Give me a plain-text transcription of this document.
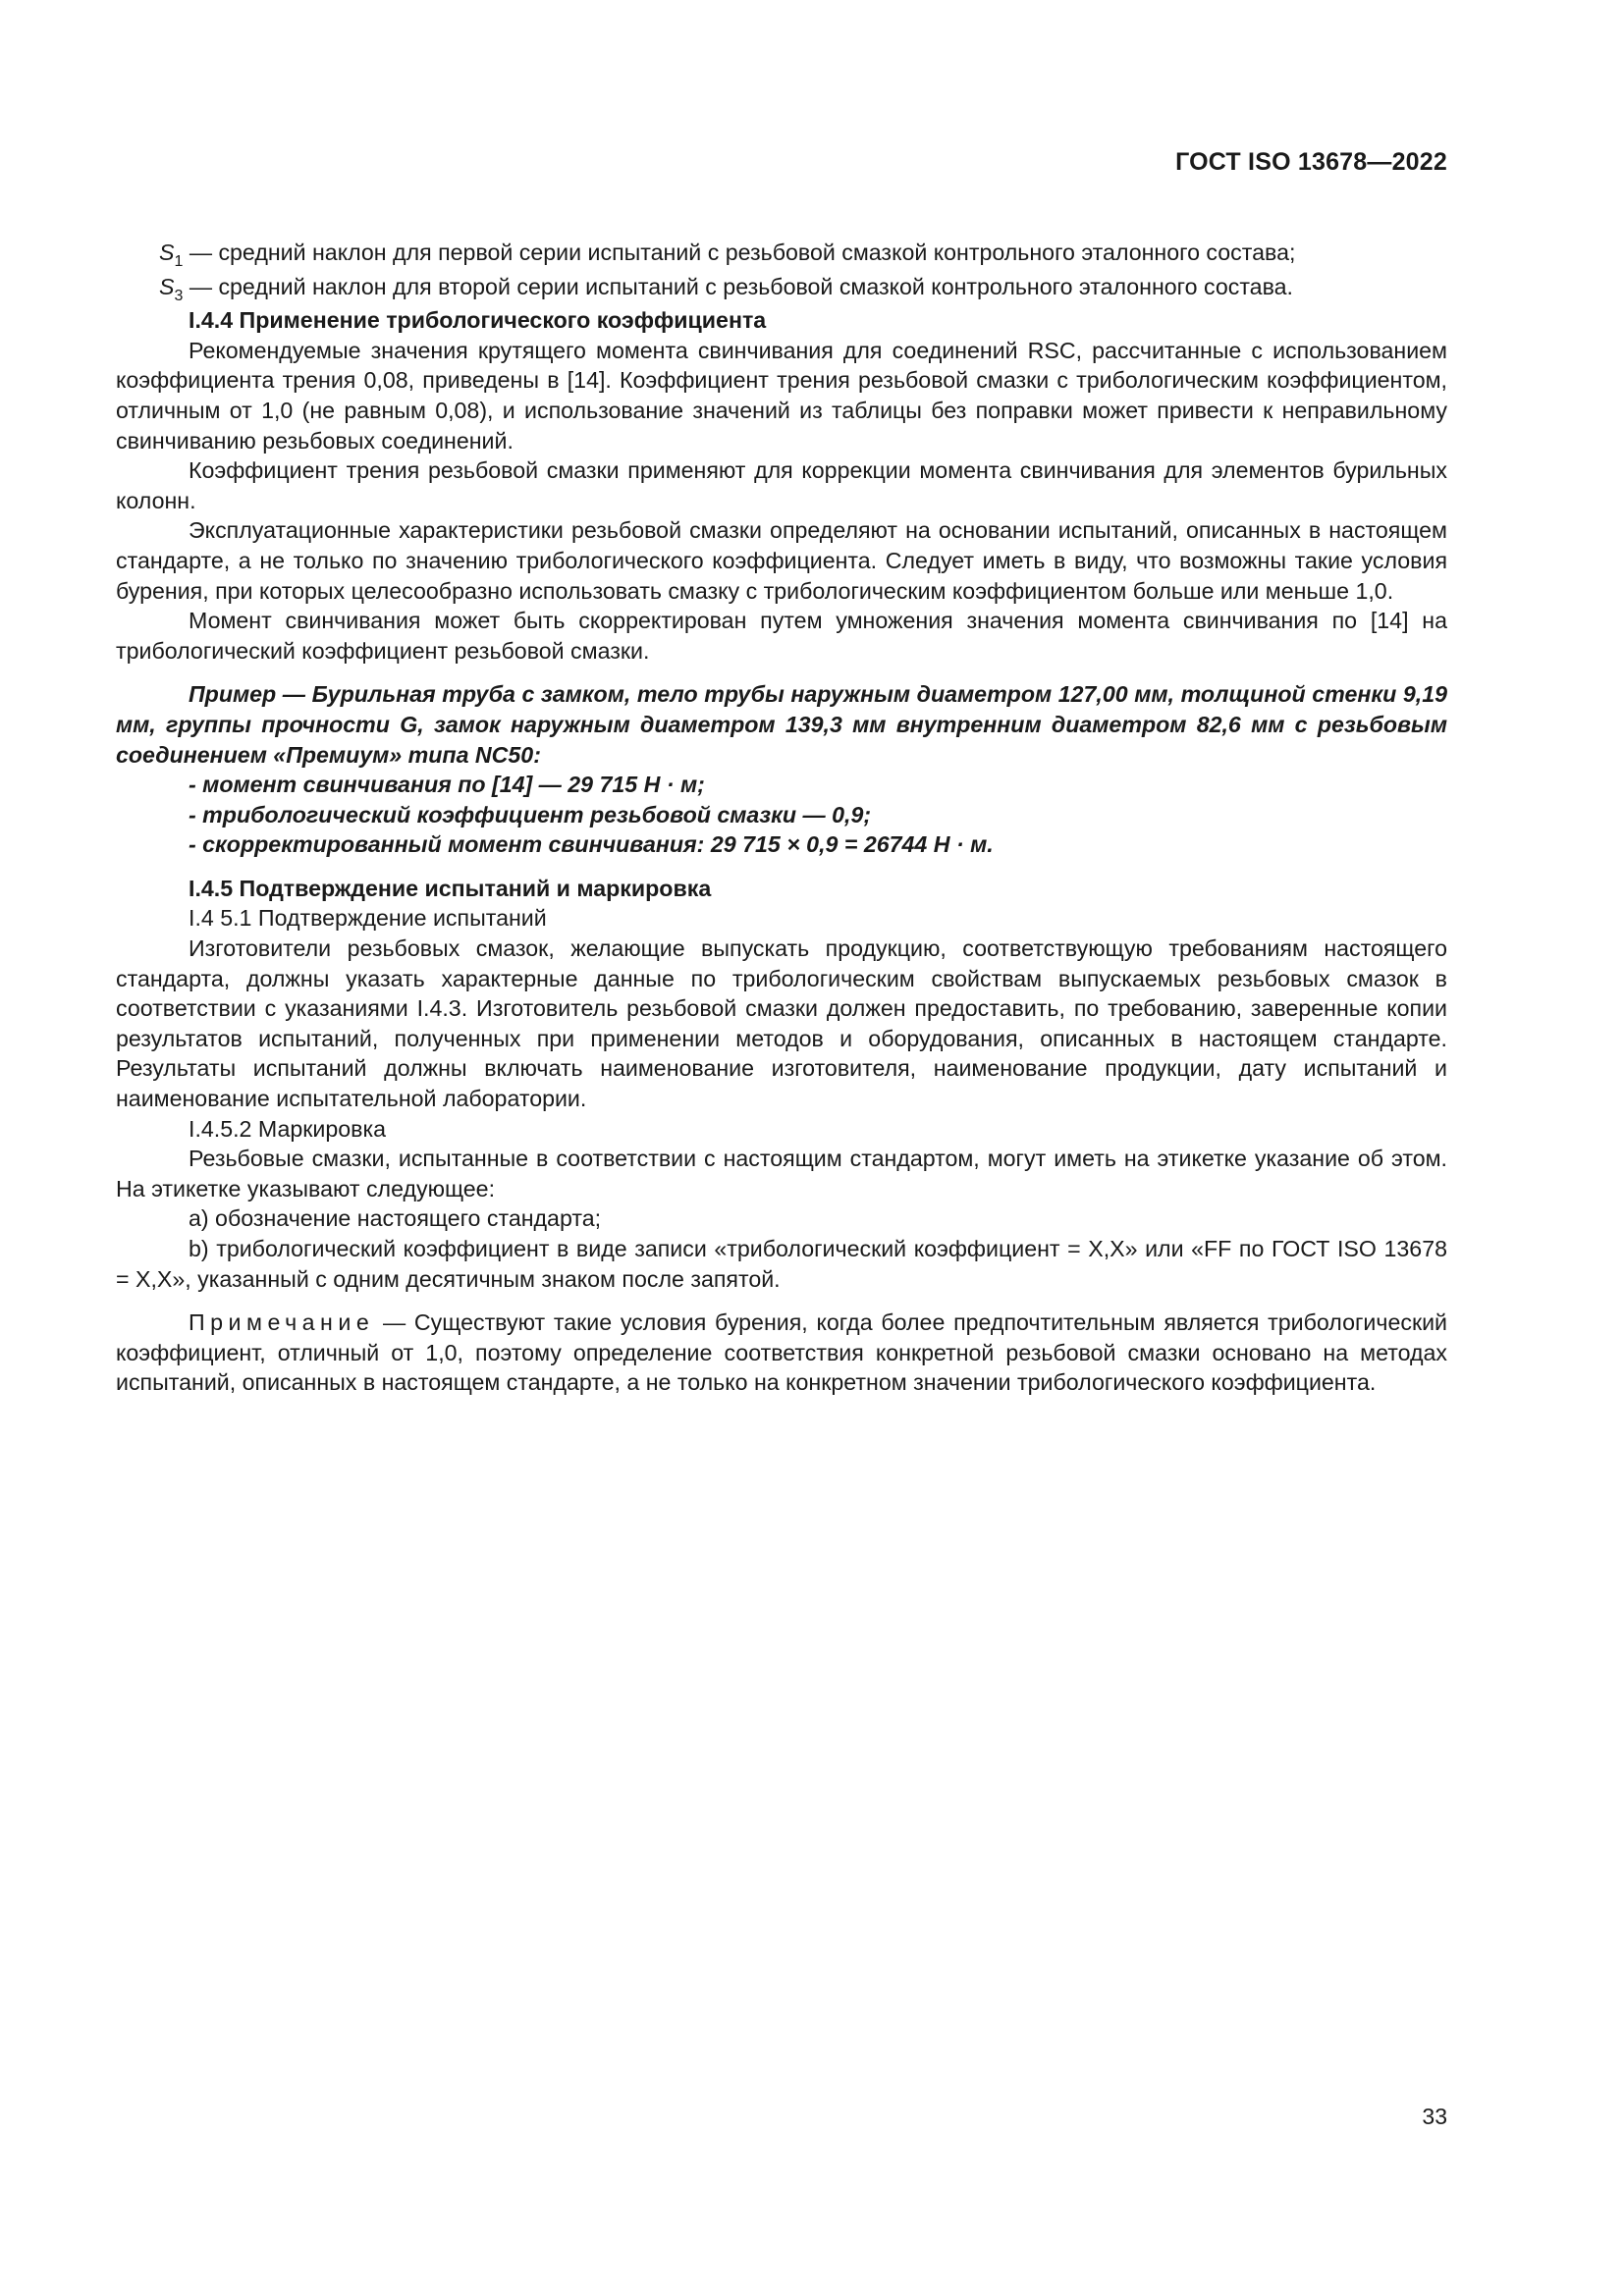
ГОСТ ISO 13678—2022

$S_1$ — средний наклон для первой серии испытаний с резьбовой смазкой контрольного эталонного состава;

$S_3$ — средний наклон для второй серии испытаний с резьбовой смазкой контрольного эталонного состава.

I.4.4 Применение трибологического коэффициента

Рекомендуемые значения крутящего момента свинчивания для соединений RSC, рассчитанные с использованием коэффициента трения 0,08, приведены в [14]. Коэффициент трения резьбовой смазки с трибологическим коэффициентом, отличным от 1,0 (не равным 0,08), и использование значений из таблицы без поправки может привести к неправильному свинчиванию резьбовых соединений.

Коэффициент трения резьбовой смазки применяют для коррекции момента свинчивания для элементов бурильных колонн.

Эксплуатационные характеристики резьбовой смазки определяют на основании испытаний, описанных в настоящем стандарте, а не только по значению трибологического коэффициента. Следует иметь в виду, что возможны такие условия бурения, при которых целесообразно использовать смазку с трибологическим коэффициентом больше или меньше 1,0.

Момент свинчивания может быть скорректирован путем умножения значения момента свинчивания по [14] на трибологический коэффициент резьбовой смазки.

Пример — Бурильная труба с замком, тело трубы наружным диаметром 127,00 мм, толщиной стенки 9,19 мм, группы прочности G, замок наружным диаметром 139,3 мм внутренним диаметром 82,6 мм с резьбовым соединением «Премиум» типа NC50:

- момент свинчивания по [14] — 29 715 Н · м;

- трибологический коэффициент резьбовой смазки — 0,9;

- скорректированный момент свинчивания: 29 715 × 0,9 = 26744 Н · м.

I.4.5 Подтверждение испытаний и маркировка

I.4 5.1 Подтверждение испытаний

Изготовители резьбовых смазок, желающие выпускать продукцию, соответствующую требованиям настоящего стандарта, должны указать характерные данные по трибологическим свойствам выпускаемых резьбовых смазок в соответствии с указаниями I.4.3. Изготовитель резьбовой смазки должен предоставить, по требованию, заверенные копии результатов испытаний, полученных при применении методов и оборудования, описанных в настоящем стандарте. Результаты испытаний должны включать наименование изготовителя, наименование продукции, дату испытаний и наименование испытательной лаборатории.

I.4.5.2 Маркировка

Резьбовые смазки, испытанные в соответствии с настоящим стандартом, могут иметь на этикетке указание об этом. На этикетке указывают следующее:

a) обозначение настоящего стандарта;

b) трибологический коэффициент в виде записи «трибологический коэффициент = X,X» или «FF по ГОСТ ISO 13678 = X,X», указанный с одним десятичным знаком после запятой.

Примечание — Существуют такие условия бурения, когда более предпочтительным является трибологический коэффициент, отличный от 1,0, поэтому определение соответствия конкретной резьбовой смазки основано на методах испытаний, описанных в настоящем стандарте, а не только на конкретном значении трибологического коэффициента.

33
